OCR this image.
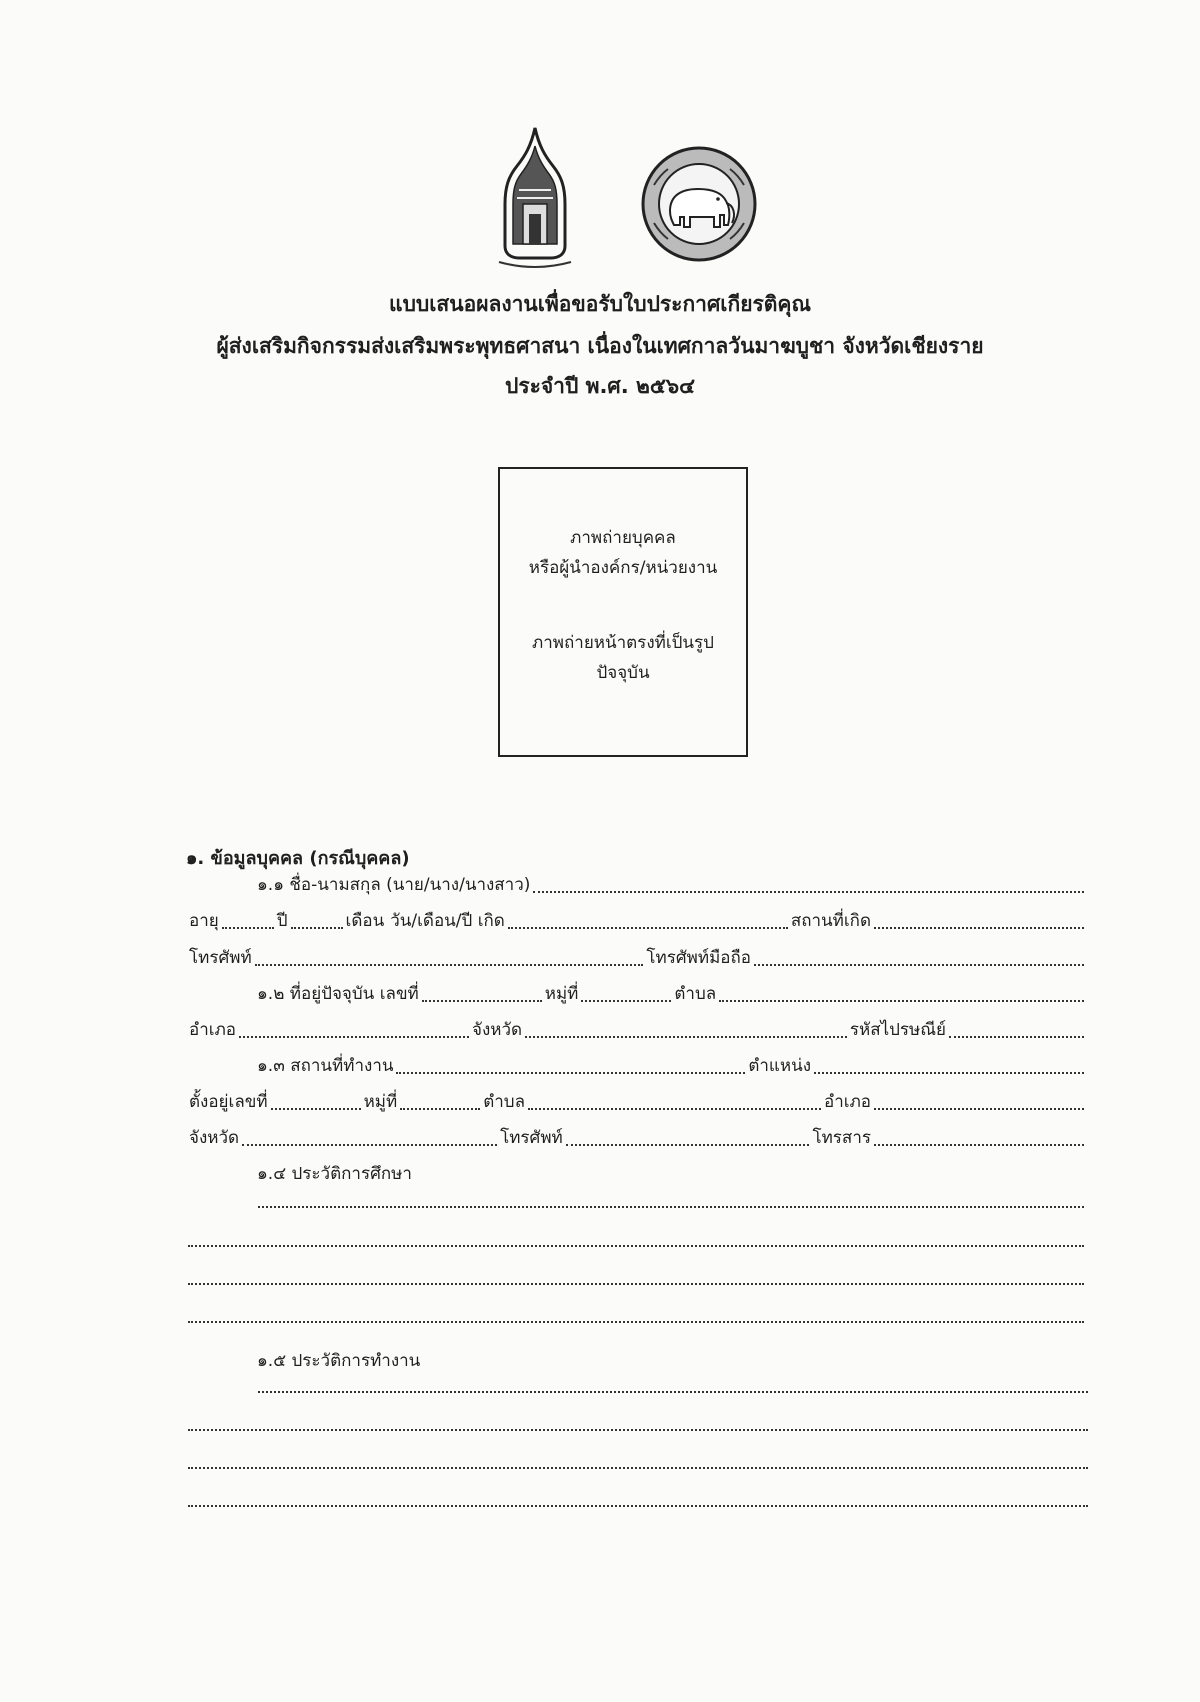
แบบเสนอผลงานเพื่อขอรับใบประกาศเกียรติคุณ
ผู้ส่งเสริมกิจกรรมส่งเสริมพระพุทธศาสนา เนื่องในเทศกาลวันมาฆบูชา จังหวัดเชียงราย
ประจำปี พ.ศ. ๒๕๖๔
ภาพถ่ายบุคคล
หรือผู้นำองค์กร/หน่วยงาน
ภาพถ่ายหน้าตรงที่เป็นรูป
ปัจจุบัน
๑. ข้อมูลบุคคล (กรณีบุคคล)
๑.๑ ชื่อ-นามสกุล (นาย/นาง/นางสาว)
อายุ	ปี	เดือน วัน/เดือน/ปี เกิด	สถานที่เกิด
โทรศัพท์	โทรศัพท์มือถือ
๑.๒ ที่อยู่ปัจจุบัน เลขที่	หมู่ที่	ตำบล
อำเภอ	จังหวัด	รหัสไปรษณีย์
๑.๓ สถานที่ทำงาน	ตำแหน่ง
ตั้งอยู่เลขที่	หมู่ที่	ตำบล	อำเภอ
จังหวัด	โทรศัพท์	โทรสาร
๑.๔ ประวัติการศึกษา
๑.๕ ประวัติการทำงาน
